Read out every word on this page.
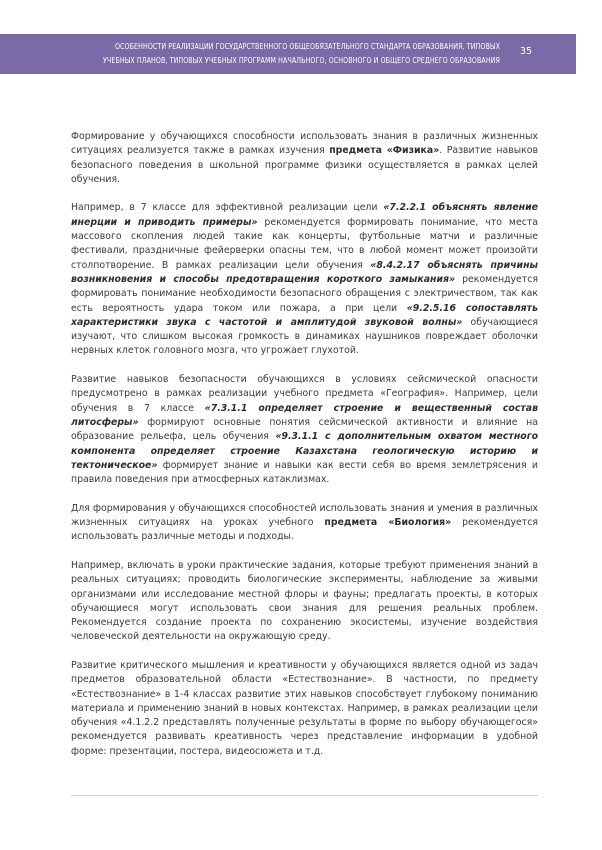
ОСОБЕННОСТИ РЕАЛИЗАЦИИ ГОСУДАРСТВЕННОГО ОБЩЕОБЯЗАТЕЛЬНОГО СТАНДАРТА ОБРАЗОВАНИЯ, ТИПОВЫХ
УЧЕБНЫХ ПЛАНОВ, ТИПОВЫХ УЧЕБНЫХ ПРОГРАММ НАЧАЛЬНОГО, ОСНОВНОГО И ОБЩЕГО СРЕДНЕГО ОБРАЗОВАНИЯ
35

Формирование у обучающихся способности использовать знания в различных жизненных ситуациях реализуется также в рамках изучения предмета «Физика». Развитие навыков безопасного поведения в школьной программе физики осуществляется в рамках целей обучения.

Например, в 7 классе для эффективной реализации цели «7.2.2.1 объяснять явление инерции и приводить примеры» рекомендуется формировать понимание, что места массового скопления людей такие как концерты, футбольные матчи и различные фестивали, праздничные фейерверки опасны тем, что в любой момент может произойти столпотворение. В рамках реализации цели обучения «8.4.2.17 объяснять причины возникновения и способы предотвращения короткого замыкания» рекомендуется формировать понимание необходимости безопасного обращения с электричеством, так как есть вероятность удара током или пожара, а при цели «9.2.5.16 сопоставлять характеристики звука с частотой и амплитудой звуковой волны» обучающиеся изучают, что слишком высокая громкость в динамиках наушников повреждает оболочки нервных клеток головного мозга, что угрожает глухотой.

Развитие навыков безопасности обучающихся в условиях сейсмической опасности предусмотрено в рамках реализации учебного предмета «География». Например, цели обучения в 7 классе «7.3.1.1 определяет строение и вещественный состав литосферы» формируют основные понятия сейсмической активности и влияние на образование рельефа, цель обучения «9.3.1.1 с дополнительным охватом местного компонента определяет строение Казахстана геологическую историю и тектоническое» формирует знание и навыки как вести себя во время землетрясения и правила поведения при атмосферных катаклизмах.

Для формирования у обучающихся способностей использовать знания и умения в различных жизненных ситуациях на уроках учебного предмета «Биология» рекомендуется использовать различные методы и подходы.

Например, включать в уроки практические задания, которые требуют применения знаний в реальных ситуациях; проводить биологические эксперименты, наблюдение за живыми организмами или исследование местной флоры и фауны; предлагать проекты, в которых обучающиеся могут использовать свои знания для решения реальных проблем. Рекомендуется создание проекта по сохранению экосистемы, изучение воздействия человеческой деятельности на окружающую среду.

Развитие критического мышления и креативности у обучающихся является одной из задач предметов образовательной области «Естествознание». В частности, по предмету «Естествознание» в 1-4 классах развитие этих навыков способствует глубокому пониманию материала и применению знаний в новых контекстах. Например, в рамках реализации цели обучения «4.1.2.2 представлять полученные результаты в форме по выбору обучающегося» рекомендуется развивать креативность через представление информации в удобной форме: презентации, постера, видеосюжета и т.д.
